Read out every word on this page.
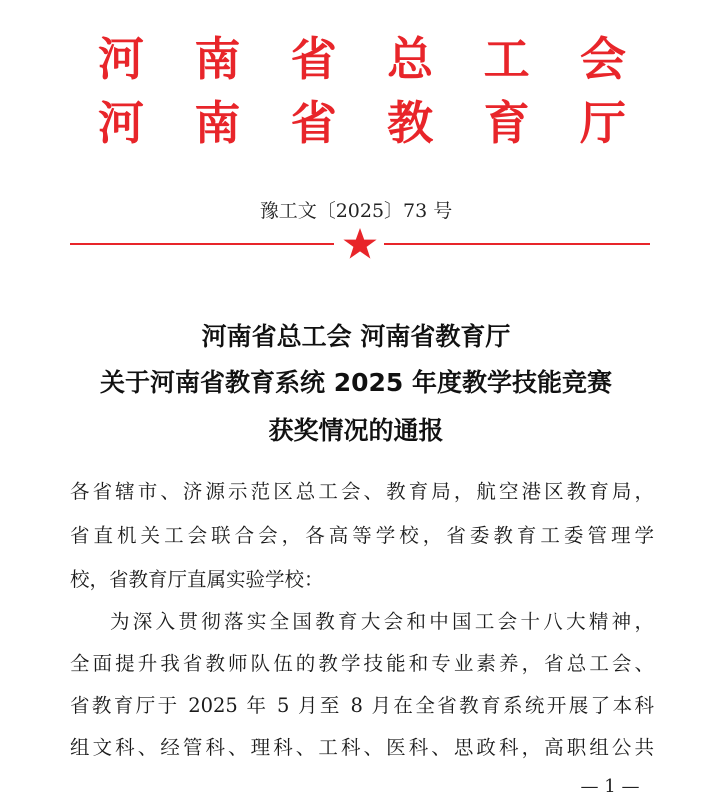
河 南 省 总 工 会
河 南 省 教 育 厅
豫工文〔2025〕73 号
河南省总工会 河南省教育厅
关于河南省教育系统 2025 年度教学技能竞赛
获奖情况的通报
各省辖市、济源示范区总工会、教育局，航空港区教育局，
省直机关工会联合会，各高等学校，省委教育工委管理学
校，省教育厅直属实验学校：
为深入贯彻落实全国教育大会和中国工会十八大精神，
全面提升我省教师队伍的教学技能和专业素养，省总工会、
省教育厅于 2025 年 5 月至 8 月在全省教育系统开展了本科
组文科、经管科、理科、工科、医科、思政科，高职组公共
— 1 —
